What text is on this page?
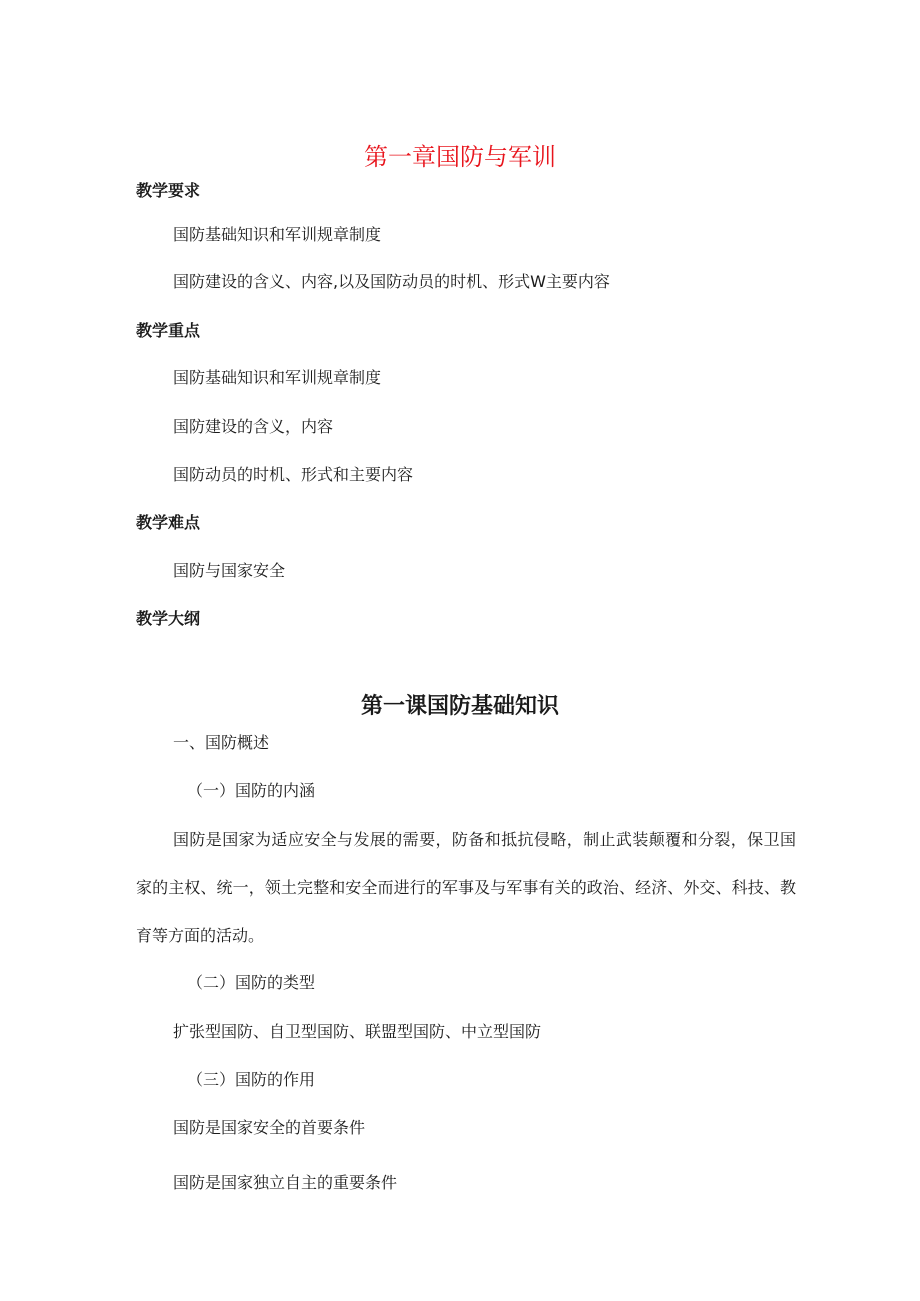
第一章国防与军训
教学要求
国防基础知识和军训规章制度
国防建设的含义、内容,以及国防动员的时机、形式W主要内容
教学重点
国防基础知识和军训规章制度
国防建设的含义，内容
国防动员的时机、形式和主要内容
教学难点
国防与国家安全
教学大纲
第一课国防基础知识
一、国防概述
（一）国防的内涵

国防是国家为适应安全与发展的需要，防备和抵抗侵略，制止武装颠覆和分裂，保卫国家的主权、统一，领土完整和安全而进行的军事及与军事有关的政治、经济、外交、科技、教育等方面的活动。

（二）国防的类型
扩张型国防、自卫型国防、联盟型国防、中立型国防
（三）国防的作用
国防是国家安全的首要条件
国防是国家独立自主的重要条件
